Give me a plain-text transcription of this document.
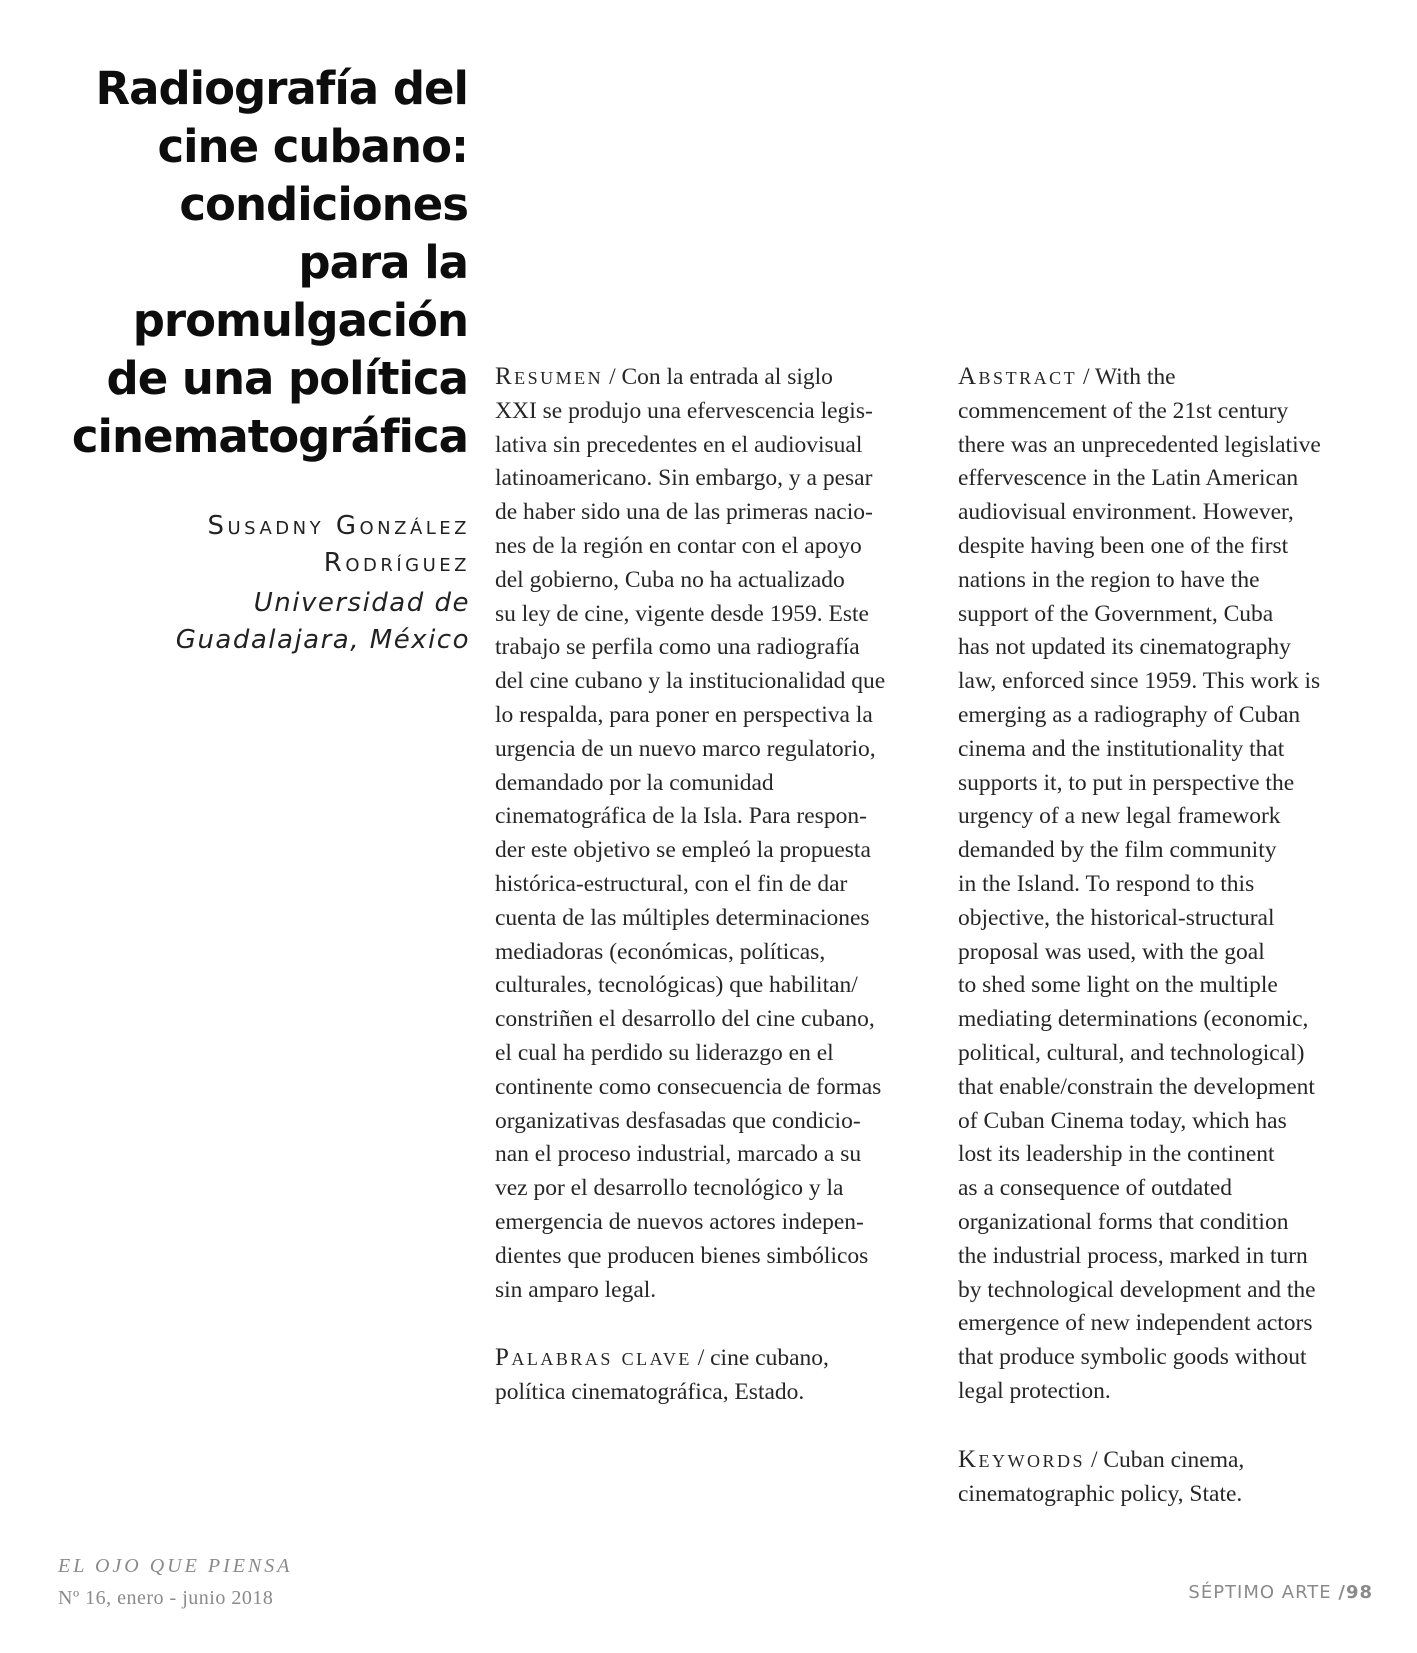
Radiografía del
cine cubano:
condiciones
para la
promulgación
de una política
cinematográfica
Susadny González
Rodríguez
Universidad de
Guadalajara, México
Resumen / Con la entrada al siglo
XXI se produjo una efervescencia legis-
lativa sin precedentes en el audiovisual
latinoamericano. Sin embargo, y a pesar
de haber sido una de las primeras nacio-
nes de la región en contar con el apoyo
del gobierno, Cuba no ha actualizado
su ley de cine, vigente desde 1959. Este
trabajo se perfila como una radiografía
del cine cubano y la institucionalidad que
lo respalda, para poner en perspectiva la
urgencia de un nuevo marco regulatorio,
demandado por la comunidad
cinematográfica de la Isla. Para respon-
der este objetivo se empleó la propuesta
histórica-estructural, con el fin de dar
cuenta de las múltiples determinaciones
mediadoras (económicas, políticas,
culturales, tecnológicas) que habilitan/
constriñen el desarrollo del cine cubano,
el cual ha perdido su liderazgo en el
continente como consecuencia de formas
organizativas desfasadas que condicio-
nan el proceso industrial, marcado a su
vez por el desarrollo tecnológico y la
emergencia de nuevos actores indepen-
dientes que producen bienes simbólicos
sin amparo legal.
Palabras clave / cine cubano,
política cinematográfica, Estado.
Abstract / With the
commencement of the 21st century
there was an unprecedented legislative
effervescence in the Latin American
audiovisual environment. However,
despite having been one of the first
nations in the region to have the
support of the Government, Cuba
has not updated its cinematography
law, enforced since 1959. This work is
emerging as a radiography of Cuban
cinema and the institutionality that
supports it, to put in perspective the
urgency of a new legal framework
demanded by the film community
in the Island. To respond to this
objective, the historical-structural
proposal was used, with the goal
to shed some light on the multiple
mediating determinations (economic,
political, cultural, and technological)
that enable/constrain the development
of Cuban Cinema today, which has
lost its leadership in the continent
as a consequence of outdated
organizational forms that condition
the industrial process, marked in turn
by technological development and the
emergence of new independent actors
that produce symbolic goods without
legal protection.
Keywords / Cuban cinema,
cinematographic policy, State.
EL OJO QUE PIENSA
Nº 16, enero - junio 2018	SÉPTIMO ARTE /98
